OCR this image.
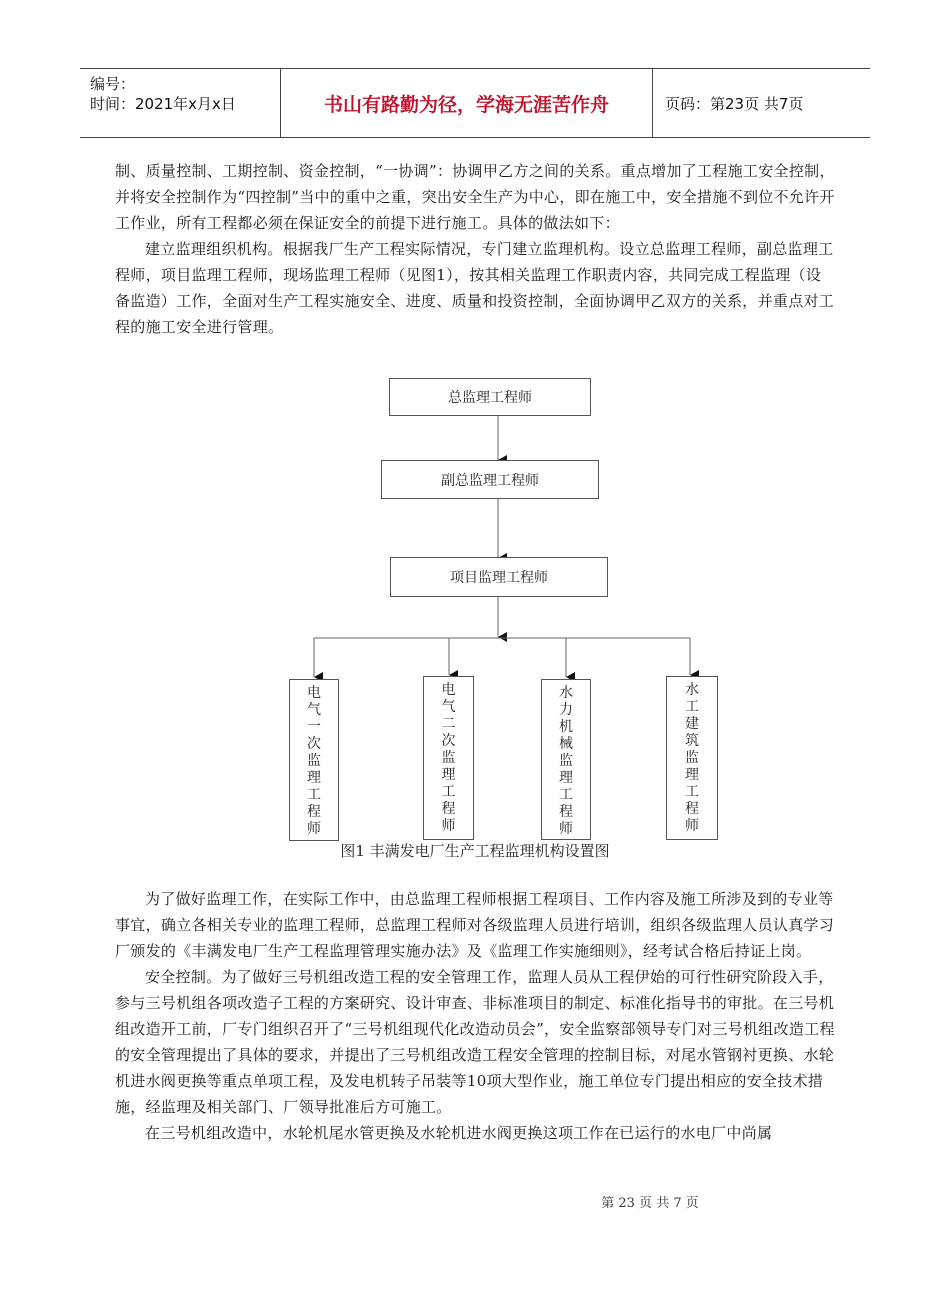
编号：
时间：2021年x月x日	书山有路勤为径，学海无涯苦作舟	页码：第23页 共7页

制、质量控制、工期控制、资金控制，“一协调”：协调甲乙方之间的关系。重点增加了工程施工安全控制，并将安全控制作为“四控制”当中的重中之重，突出安全生产为中心，即在施工中，安全措施不到位不允许开工作业，所有工程都必须在保证安全的前提下进行施工。具体的做法如下：

建立监理组织机构。根据我厂生产工程实际情况，专门建立监理机构。设立总监理工程师，副总监理工程师，项目监理工程师，现场监理工程师（见图1），按其相关监理工作职责内容，共同完成工程监理（设备监造）工作，全面对生产工程实施安全、进度、质量和投资控制，全面协调甲乙双方的关系，并重点对工程的施工安全进行管理。

总监理工程师
副总监理工程师
项目监理工程师
电
气
一
次
监
理
工
程
师
电
气
二
次
监
理
工
程
师
水
力
机
械
监
理
工
程
师
水
工
建
筑
监
理
工
程
师
图1 丰满发电厂生产工程监理机构设置图

为了做好监理工作，在实际工作中，由总监理工程师根据工程项目、工作内容及施工所涉及到的专业等事宜，确立各相关专业的监理工程师，总监理工程师对各级监理人员进行培训，组织各级监理人员认真学习厂颁发的《丰满发电厂生产工程监理管理实施办法》及《监理工作实施细则》，经考试合格后持证上岗。

安全控制。为了做好三号机组改造工程的安全管理工作，监理人员从工程伊始的可行性研究阶段入手，参与三号机组各项改造子工程的方案研究、设计审查、非标准项目的制定、标准化指导书的审批。在三号机组改造开工前，厂专门组织召开了“三号机组现代化改造动员会”，安全监察部领导专门对三号机组改造工程的安全管理提出了具体的要求，并提出了三号机组改造工程安全管理的控制目标，对尾水管钢衬更换、水轮机进水阀更换等重点单项工程，及发电机转子吊装等10项大型作业，施工单位专门提出相应的安全技术措施，经监理及相关部门、厂领导批准后方可施工。

在三号机组改造中，水轮机尾水管更换及水轮机进水阀更换这项工作在已运行的水电厂中尚属

第 23 页 共 7 页
